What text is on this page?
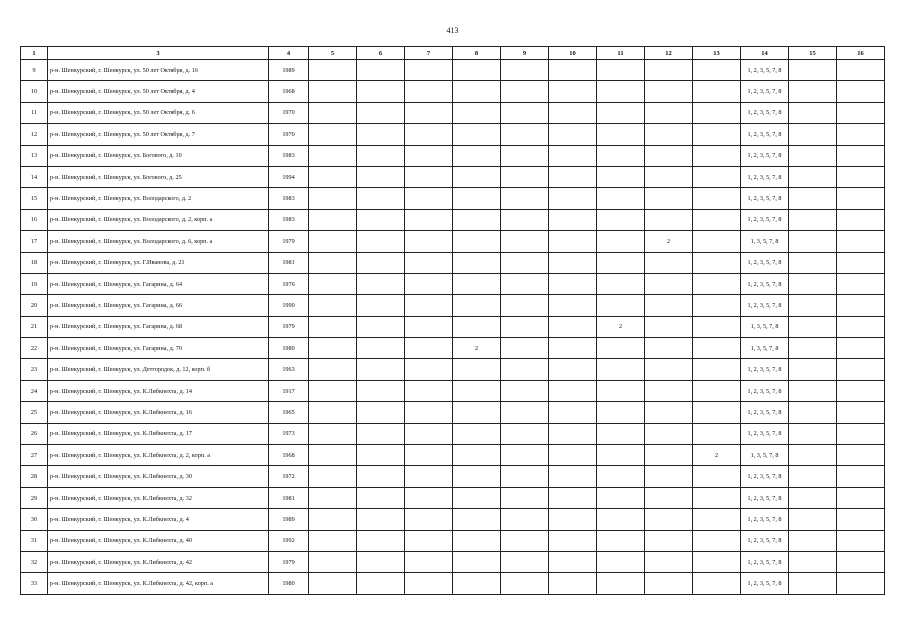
413
1	3	4	5	6	7	8	9	10	11	12	13	14	15	16
9	р-н. Шенкурский, г. Шенкурск, ул. 50 лет Октября, д. 16	1989										1, 2, 3, 5, 7, 8		
10	р-н. Шенкурский, г. Шенкурск, ул. 50 лет Октября, д. 4	1968										1, 2, 3, 5, 7, 8		
11	р-н. Шенкурский, г. Шенкурск, ул. 50 лет Октября, д. 6	1970										1, 2, 3, 5, 7, 8		
12	р-н. Шенкурский, г. Шенкурск, ул. 50 лет Октября, д. 7	1970										1, 2, 3, 5, 7, 8		
13	р-н. Шенкурский, г. Шенкурск, ул. Богового, д. 10	1983										1, 2, 3, 5, 7, 8		
14	р-н. Шенкурский, г. Шенкурск, ул. Богового, д. 25	1994										1, 2, 3, 5, 7, 8		
15	р-н. Шенкурский, г. Шенкурск, ул. Володарского, д. 2	1983										1, 2, 3, 5, 7, 8		
16	р-н. Шенкурский, г. Шенкурск, ул. Володарского, д. 2, корп. а	1983										1, 2, 3, 5, 7, 8		
17	р-н. Шенкурский, г. Шенкурск, ул. Володарского, д. 6, корп. а	1979								2		1, 3, 5, 7, 8		
18	р-н. Шенкурский, г. Шенкурск, ул. Г.Иванова, д. 21	1981										1, 2, 3, 5, 7, 8		
19	р-н. Шенкурский, г. Шенкурск, ул. Гагарина, д. 64	1976										1, 2, 3, 5, 7, 8		
20	р-н. Шенкурский, г. Шенкурск, ул. Гагарина, д. 66	1990										1, 2, 3, 5, 7, 8		
21	р-н. Шенкурский, г. Шенкурск, ул. Гагарина, д. 68	1979							2			1, 3, 5, 7, 8		
22	р-н. Шенкурский, г. Шенкурск, ул. Гагарина, д. 70	1980				2						1, 3, 5, 7, 8		
23	р-н. Шенкурский, г. Шенкурск, ул. Детгородок, д. 12, корп. б	1963										1, 2, 3, 5, 7, 8		
24	р-н. Шенкурский, г. Шенкурск, ул. К.Либкнехта, д. 14	1917										1, 2, 3, 5, 7, 8		
25	р-н. Шенкурский, г. Шенкурск, ул. К.Либкнехта, д. 16	1965										1, 2, 3, 5, 7, 8		
26	р-н. Шенкурский, г. Шенкурск, ул. К.Либкнехта, д. 17	1973										1, 2, 3, 5, 7, 8		
27	р-н. Шенкурский, г. Шенкурск, ул. К.Либкнехта, д. 2, корп. а	1968									2	1, 3, 5, 7, 8		
28	р-н. Шенкурский, г. Шенкурск, ул. К.Либкнехта, д. 30	1972										1, 2, 3, 5, 7, 8		
29	р-н. Шенкурский, г. Шенкурск, ул. К.Либкнехта, д. 32	1981										1, 2, 3, 5, 7, 8		
30	р-н. Шенкурский, г. Шенкурск, ул. К.Либкнехта, д. 4	1989										1, 2, 3, 5, 7, 8		
31	р-н. Шенкурский, г. Шенкурск, ул. К.Либкнехта, д. 40	1992										1, 2, 3, 5, 7, 8		
32	р-н. Шенкурский, г. Шенкурск, ул. К.Либкнехта, д. 42	1979										1, 2, 3, 5, 7, 8		
33	р-н. Шенкурский, г. Шенкурск, ул. К.Либкнехта, д. 42, корп. а	1980										1, 2, 3, 5, 7, 8		
